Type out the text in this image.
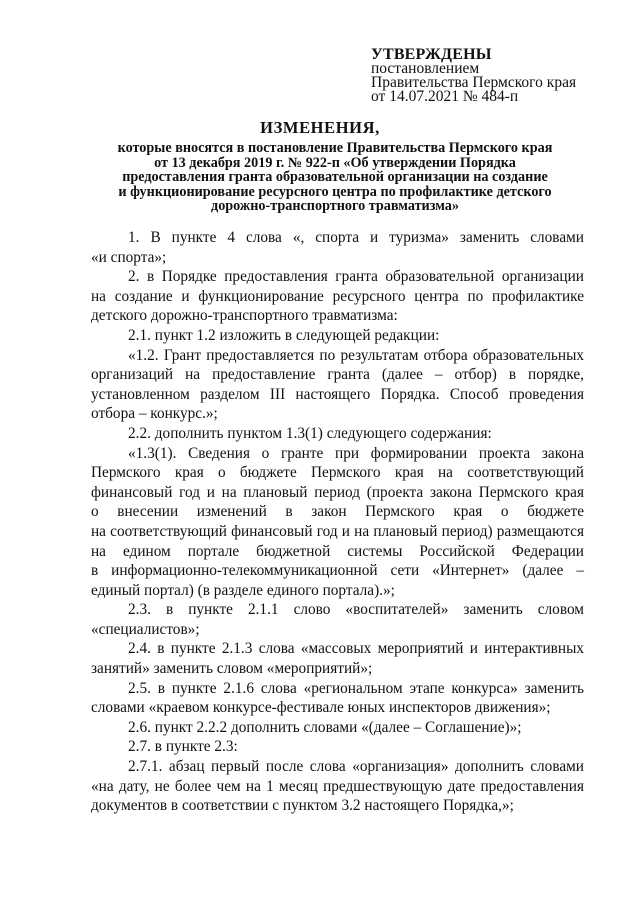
УТВЕРЖДЕНЫ
постановлением
Правительства Пермского края
от 14.07.2021 № 484-п
ИЗМЕНЕНИЯ,
которые вносятся в постановление Правительства Пермского края
от 13 декабря 2019 г. № 922-п «Об утверждении Порядка
предоставления гранта образовательной организации на создание
и функционирование ресурсного центра по профилактике детского
дорожно-транспортного травматизма»
1. В пункте 4 слова «, спорта и туризма» заменить словами
«и спорта»;
2. в Порядке предоставления гранта образовательной организации
на создание и функционирование ресурсного центра по профилактике
детского дорожно-транспортного травматизма:
2.1. пункт 1.2 изложить в следующей редакции:
«1.2. Грант предоставляется по результатам отбора образовательных
организаций на предоставление гранта (далее – отбор) в порядке,
установленном разделом III настоящего Порядка. Способ проведения
отбора – конкурс.»;
2.2. дополнить пунктом 1.3(1) следующего содержания:
«1.3(1). Сведения о гранте при формировании проекта закона
Пермского края о бюджете Пермского края на соответствующий
финансовый год и на плановый период (проекта закона Пермского края
о внесении изменений в закон Пермского края о бюджете
на соответствующий финансовый год и на плановый период) размещаются
на едином портале бюджетной системы Российской Федерации
в информационно-телекоммуникационной сети «Интернет» (далее –
единый портал) (в разделе единого портала).»;
2.3. в пункте 2.1.1 слово «воспитателей» заменить словом
«специалистов»;
2.4. в пункте 2.1.3 слова «массовых мероприятий и интерактивных
занятий» заменить словом «мероприятий»;
2.5. в пункте 2.1.6 слова «региональном этапе конкурса» заменить
словами «краевом конкурсе-фестивале юных инспекторов движения»;
2.6. пункт 2.2.2 дополнить словами «(далее – Соглашение)»;
2.7. в пункте 2.3:
2.7.1. абзац первый после слова «организация» дополнить словами
«на дату, не более чем на 1 месяц предшествующую дате предоставления
документов в соответствии с пунктом 3.2 настоящего Порядка,»;
